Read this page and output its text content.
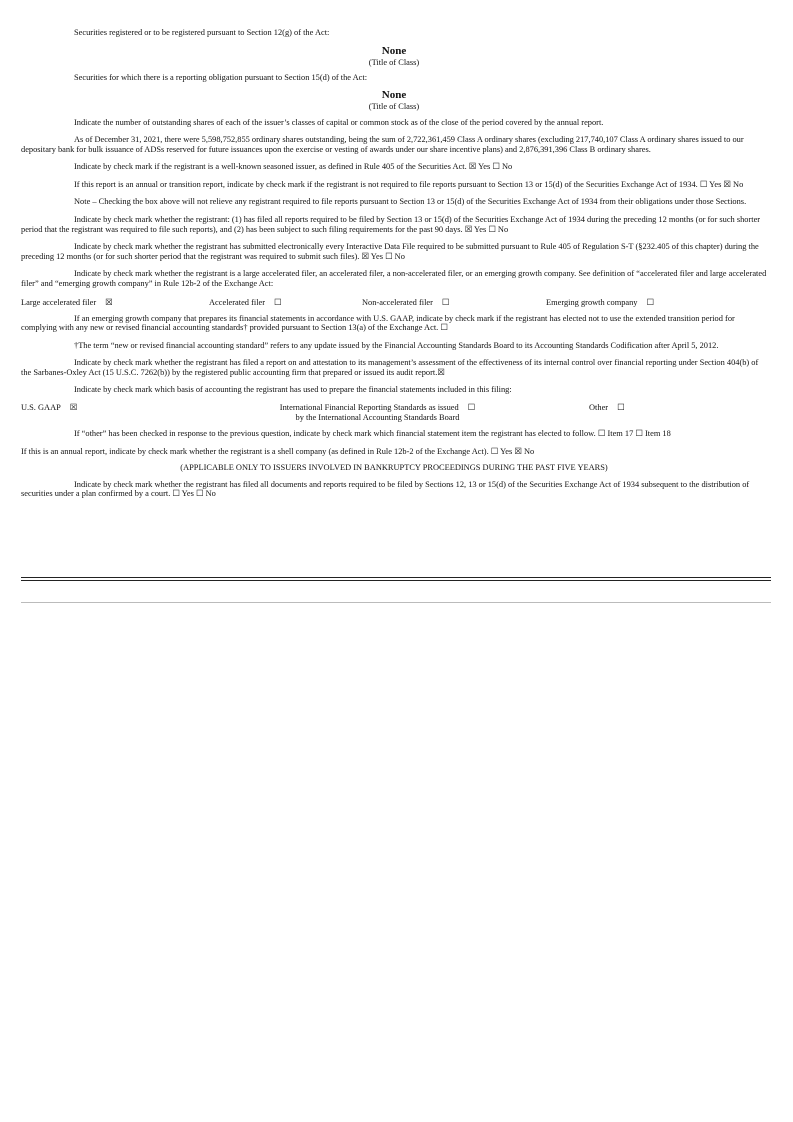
Securities registered or to be registered pursuant to Section 12(g) of the Act:

None

(Title of Class)

Securities for which there is a reporting obligation pursuant to Section 15(d) of the Act:

None

(Title of Class)

Indicate the number of outstanding shares of each of the issuer’s classes of capital or common stock as of the close of the period covered by the annual report.

As of December 31, 2021, there were 5,598,752,855 ordinary shares outstanding, being the sum of 2,722,361,459 Class A ordinary shares (excluding 217,740,107 Class A ordinary shares issued to our depositary bank for bulk issuance of ADSs reserved for future issuances upon the exercise or vesting of awards under our share incentive plans) and 2,876,391,396 Class B ordinary shares.

Indicate by check mark if the registrant is a well-known seasoned issuer, as defined in Rule 405 of the Securities Act. ☒ Yes ☐ No

If this report is an annual or transition report, indicate by check mark if the registrant is not required to file reports pursuant to Section 13 or 15(d) of the Securities Exchange Act of 1934. ☐ Yes ☒ No

Note – Checking the box above will not relieve any registrant required to file reports pursuant to Section 13 or 15(d) of the Securities Exchange Act of 1934 from their obligations under those Sections.

Indicate by check mark whether the registrant: (1) has filed all reports required to be filed by Section 13 or 15(d) of the Securities Exchange Act of 1934 during the preceding 12 months (or for such shorter period that the registrant was required to file such reports), and (2) has been subject to such filing requirements for the past 90 days. ☒ Yes ☐ No

Indicate by check mark whether the registrant has submitted electronically every Interactive Data File required to be submitted pursuant to Rule 405 of Regulation S-T (§232.405 of this chapter) during the preceding 12 months (or for such shorter period that the registrant was required to submit such files). ☒ Yes ☐ No

Indicate by check mark whether the registrant is a large accelerated filer, an accelerated filer, a non-accelerated filer, or an emerging growth company. See definition of “accelerated filer and large accelerated filer” and “emerging growth company” in Rule 12b-2 of the Exchange Act:

Large accelerated filer ☒	Accelerated filer ☐	Non-accelerated filer ☐	Emerging growth company ☐

If an emerging growth company that prepares its financial statements in accordance with U.S. GAAP, indicate by check mark if the registrant has elected not to use the extended transition period for complying with any new or revised financial accounting standards† provided pursuant to Section 13(a) of the Exchange Act. ☐

†The term “new or revised financial accounting standard” refers to any update issued by the Financial Accounting Standards Board to its Accounting Standards Codification after April 5, 2012.

Indicate by check mark whether the registrant has filed a report on and attestation to its management’s assessment of the effectiveness of its internal control over financial reporting under Section 404(b) of the Sarbanes-Oxley Act (15 U.S.C. 7262(b)) by the registered public accounting firm that prepared or issued its audit report.☒

Indicate by check mark which basis of accounting the registrant has used to prepare the financial statements included in this filing:

U.S. GAAP ☒	International Financial Reporting Standards as issued ☐
by the International Accounting Standards Board
Other ☐

If “other” has been checked in response to the previous question, indicate by check mark which financial statement item the registrant has elected to follow. ☐ Item 17 ☐ Item 18

If this is an annual report, indicate by check mark whether the registrant is a shell company (as defined in Rule 12b-2 of the Exchange Act). ☐ Yes ☒ No

(APPLICABLE ONLY TO ISSUERS INVOLVED IN BANKRUPTCY PROCEEDINGS DURING THE PAST FIVE YEARS)

Indicate by check mark whether the registrant has filed all documents and reports required to be filed by Sections 12, 13 or 15(d) of the Securities Exchange Act of 1934 subsequent to the distribution of securities under a plan confirmed by a court. ☐ Yes ☐ No
